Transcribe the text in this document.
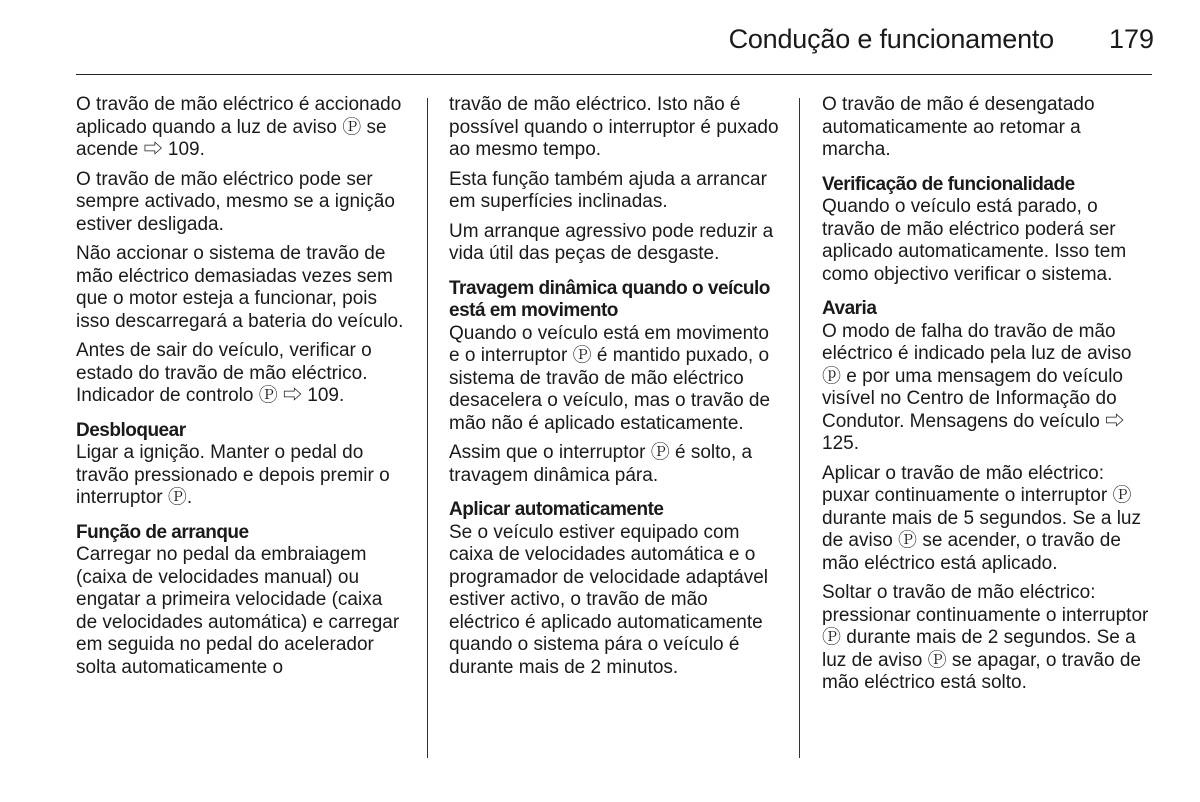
Condução e funcionamento 179

O travão de mão eléctrico é accionado aplicado quando a luz de aviso Ⓟ se acende ⇨ 109.

O travão de mão eléctrico pode ser sempre activado, mesmo se a ignição estiver desligada.

Não accionar o sistema de travão de mão eléctrico demasiadas vezes sem que o motor esteja a funcionar, pois isso descarregará a bateria do veículo.

Antes de sair do veículo, verificar o estado do travão de mão eléctrico. Indicador de controlo Ⓟ ⇨ 109.

Desbloquear

Ligar a ignição. Manter o pedal do travão pressionado e depois premir o interruptor Ⓟ.

Função de arranque

Carregar no pedal da embraiagem (caixa de velocidades manual) ou engatar a primeira velocidade (caixa de velocidades automática) e carregar em seguida no pedal do acelerador solta automaticamente o

travão de mão eléctrico. Isto não é possível quando o interruptor é puxado ao mesmo tempo.

Esta função também ajuda a arrancar em superfícies inclinadas.

Um arranque agressivo pode reduzir a vida útil das peças de desgaste.

Travagem dinâmica quando o veículo está em movimento

Quando o veículo está em movimento e o interruptor Ⓟ é mantido puxado, o sistema de travão de mão eléctrico desacelera o veículo, mas o travão de mão não é aplicado estaticamente.

Assim que o interruptor Ⓟ é solto, a travagem dinâmica pára.

Aplicar automaticamente

Se o veículo estiver equipado com caixa de velocidades automática e o programador de velocidade adaptável estiver activo, o travão de mão eléctrico é aplicado automaticamente quando o sistema pára o veículo é durante mais de 2 minutos.

O travão de mão é desengatado automaticamente ao retomar a marcha.

Verificação de funcionalidade

Quando o veículo está parado, o travão de mão eléctrico poderá ser aplicado automaticamente. Isso tem como objectivo verificar o sistema.

Avaria

O modo de falha do travão de mão eléctrico é indicado pela luz de aviso ⓟ e por uma mensagem do veículo visível no Centro de Informação do Condutor. Mensagens do veículo ⇨ 125.

Aplicar o travão de mão eléctrico: puxar continuamente o interruptor Ⓟ durante mais de 5 segundos. Se a luz de aviso Ⓟ se acender, o travão de mão eléctrico está aplicado.

Soltar o travão de mão eléctrico: pressionar continuamente o interruptor Ⓟ durante mais de 2 segundos. Se a luz de aviso Ⓟ se apagar, o travão de mão eléctrico está solto.
